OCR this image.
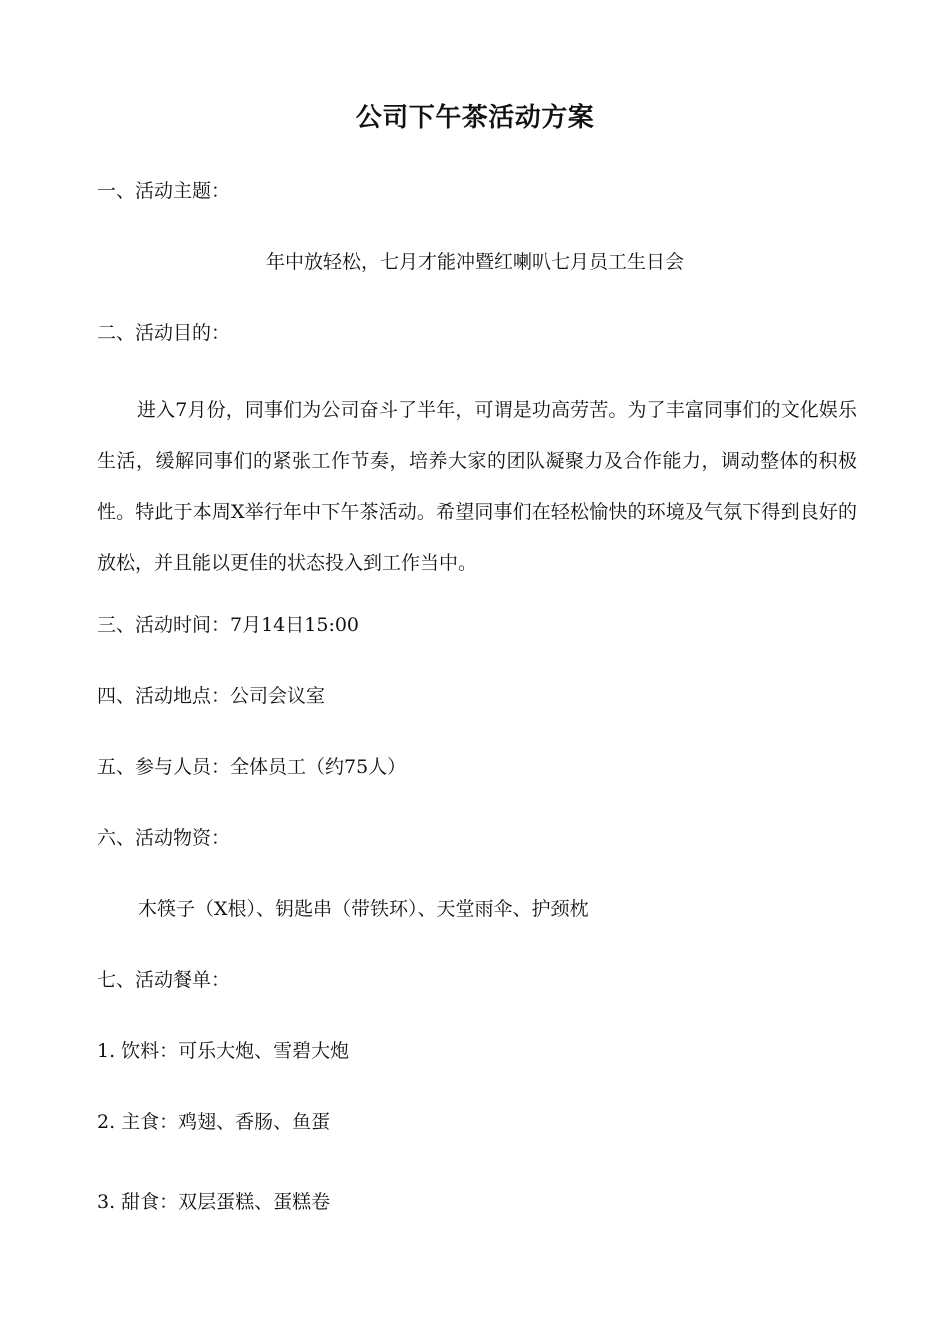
公司下午茶活动方案
一、活动主题：
年中放轻松，七月才能冲暨红喇叭七月员工生日会
二、活动目的：
进入7月份，同事们为公司奋斗了半年，可谓是功高劳苦。为了丰富同事们的文化娱乐生活，缓解同事们的紧张工作节奏，培养大家的团队凝聚力及合作能力，调动整体的积极性。特此于本周X举行年中下午茶活动。希望同事们在轻松愉快的环境及气氛下得到良好的放松，并且能以更佳的状态投入到工作当中。
三、活动时间：7月14日15:00
四、活动地点：公司会议室
五、参与人员：全体员工（约75人）
六、活动物资：
木筷子（X根）、钥匙串（带铁环）、天堂雨伞、护颈枕
七、活动餐单：
1. 饮料：可乐大炮、雪碧大炮
2. 主食：鸡翅、香肠、鱼蛋
3. 甜食：双层蛋糕、蛋糕卷
